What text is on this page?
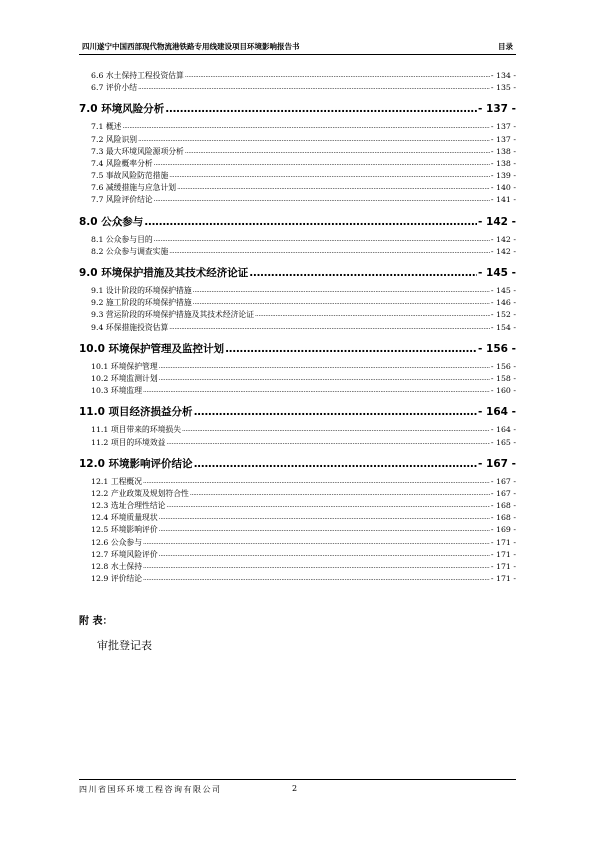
四川遂宁中国西部现代物流港铁路专用线建设项目环境影响报告书	目录
6.6 水土保持工程投资估算 .....	- 134 -
6.7 评价小结 .....	- 135 -
7.0 环境风险分析 .....	- 137 -
7.1 概述 .....	- 137 -
7.2 风险识别 .....	- 137 -
7.3 最大环境风险源项分析 .....	- 138 -
7.4 风险概率分析 .....	- 138 -
7.5 事故风险防范措施 .....	- 139 -
7.6 减缓措施与应急计划 .....	- 140 -
7.7 风险评价结论 .....	- 141 -
8.0 公众参与 .....	- 142 -
8.1 公众参与目的 .....	- 142 -
8.2 公众参与调查实施 .....	- 142 -
9.0 环境保护措施及其技术经济论证 .....	- 145 -
9.1 设计阶段的环境保护措施 .....	- 145 -
9.2 施工阶段的环境保护措施 .....	- 146 -
9.3 营运阶段的环境保护措施及其技术经济论证 .....	- 152 -
9.4 环保措施投资估算 .....	- 154 -
10.0 环境保护管理及监控计划 .....	- 156 -
10.1 环境保护管理 .....	- 156 -
10.2 环境监测计划 .....	- 158 -
10.3 环境监理 .....	- 160 -
11.0 项目经济损益分析 .....	- 164 -
11.1 项目带来的环境损失 .....	- 164 -
11.2 项目的环境效益 .....	- 165 -
12.0 环境影响评价结论 .....	- 167 -
12.1 工程概况 .....	- 167 -
12.2 产业政策及规划符合性 .....	- 167 -
12.3 选址合理性结论 .....	- 168 -
12.4 环境质量现状 .....	- 168 -
12.5 环境影响评价 .....	- 169 -
12.6 公众参与 .....	- 171 -
12.7 环境风险评价 .....	- 171 -
12.8 水土保持 .....	- 171 -
12.9 评价结论 .....	- 171 -
附 表：
审批登记表
四川省国环环境工程咨询有限公司	2
